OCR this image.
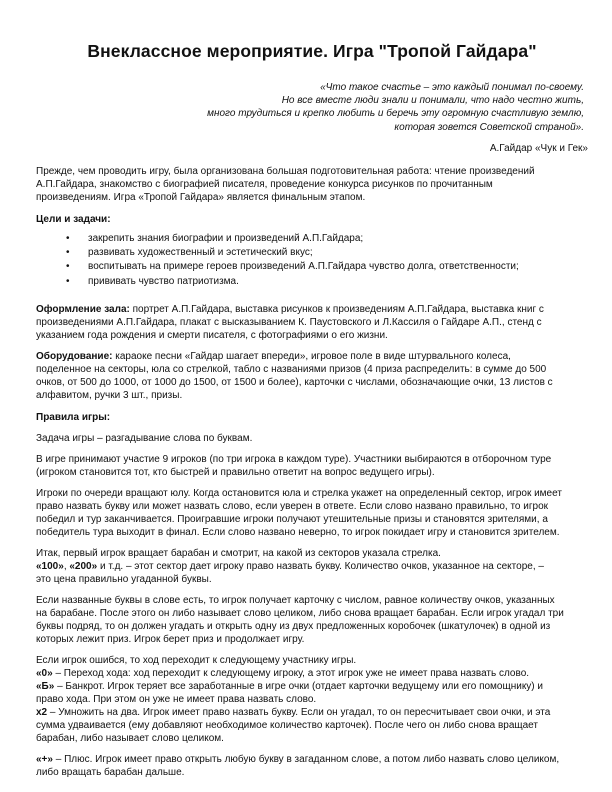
Внеклассное мероприятие. Игра "Тропой Гайдара"
«Что такое счастье – это каждый понимал по-своему.
Но все вместе люди знали и понимали, что надо честно жить,
много трудиться и крепко любить и беречь эту огромную счастливую землю,
которая зовется Советской страной».
А.Гайдар «Чук и Гек»

Прежде, чем проводить игру, была организована большая подготовительная работа: чтение произведений
А.П.Гайдара, знакомство с биографией писателя, проведение конкурса рисунков по прочитанным
произведениям. Игра «Тропой Гайдара» является финальным этапом.

Цели и задачи:

• закрепить знания биографии и произведений А.П.Гайдара;
• развивать художественный и эстетический вкус;
• воспитывать на примере героев произведений А.П.Гайдара чувство долга, ответственности;
• прививать чувство патриотизма.

Оформление зала: портрет А.П.Гайдара, выставка рисунков к произведениям А.П.Гайдара, выставка книг с
произведениями А.П.Гайдара, плакат с высказыванием К. Паустовского и Л.Кассиля о Гайдаре А.П., стенд с
указанием года рождения и смерти писателя, с фотографиями о его жизни.

Оборудование: караоке песни «Гайдар шагает впереди», игровое поле в виде штурвального колеса,
поделенное на секторы, юла со стрелкой, табло с названиями призов (4 приза распределить: в сумме до 500
очков, от 500 до 1000, от 1000 до 1500, от 1500 и более), карточки с числами, обозначающие очки, 13 листов с
алфавитом, ручки 3 шт., призы.

Правила игры:

Задача игры – разгадывание слова по буквам.

В игре принимают участие 9 игроков (по три игрока в каждом туре). Участники выбираются в отборочном туре
(игроком становится тот, кто быстрей и правильно ответит на вопрос ведущего игры).

Игроки по очереди вращают юлу. Когда остановится юла и стрелка укажет на определенный сектор, игрок имеет
право назвать букву или может назвать слово, если уверен в ответе. Если слово названо правильно, то игрок
победил и тур заканчивается. Проигравшие игроки получают утешительные призы и становятся зрителями, а
победитель тура выходит в финал. Если слово названо неверно, то игрок покидает игру и становится зрителем.

Итак, первый игрок вращает барабан и смотрит, на какой из секторов указала стрелка.
«100», «200» и т.д. – этот сектор дает игроку право назвать букву. Количество очков, указанное на секторе, –
это цена правильно угаданной буквы.

Если названные буквы в слове есть, то игрок получает карточку с числом, равное количеству очков, указанных
на барабане. После этого он либо называет слово целиком, либо снова вращает барабан. Если игрок угадал три
буквы подряд, то он должен угадать и открыть одну из двух предложенных коробочек (шкатулочек) в одной из
которых лежит приз. Игрок берет приз и продолжает игру.

Если игрок ошибся, то ход переходит к следующему участнику игры.
«0» – Переход хода: ход переходит к следующему игроку, а этот игрок уже не имеет права назвать слово.
«Б» – Банкрот. Игрок теряет все заработанные в игре очки (отдает карточки ведущему или его помощнику) и
право хода. При этом он уже не имеет права назвать слово.
х2 – Умножить на два. Игрок имеет право назвать букву. Если он угадал, то он пересчитывает свои очки, и эта
сумма удваивается (ему добавляют необходимое количество карточек). После чего он либо снова вращает
барабан, либо называет слово целиком.

«+» – Плюс. Игрок имеет право открыть любую букву в загаданном слове, а потом либо назвать слово целиком,
либо вращать барабан дальше.
